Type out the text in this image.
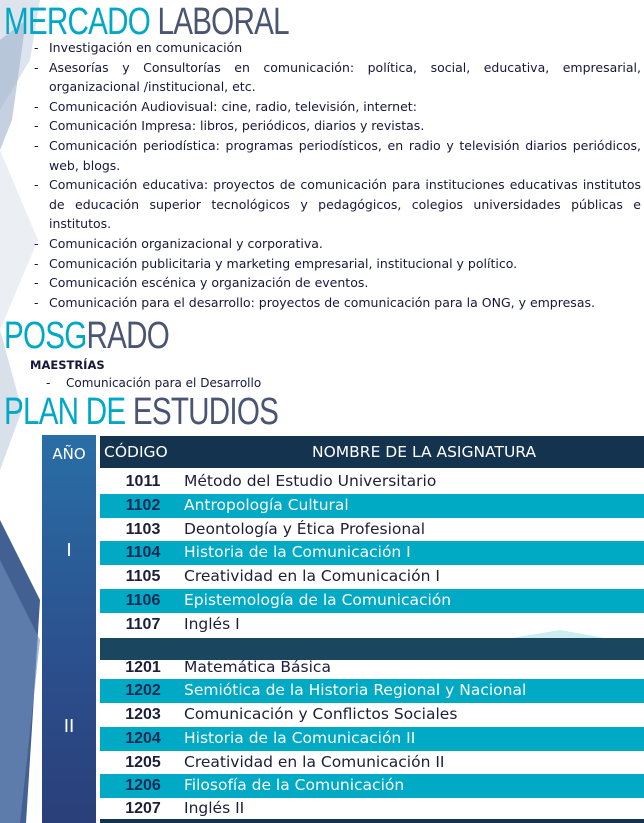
MERCADO LABORAL
- Investigación en comunicación
- Asesorías y Consultorías en comunicación: política, social, educativa, empresarial, organizacional /institucional, etc.
- Comunicación Audiovisual: cine, radio, televisión, internet:
- Comunicación Impresa: libros, periódicos, diarios y revistas.
- Comunicación periodística: programas periodísticos, en radio y televisión diarios periódicos, web, blogs.
- Comunicación educativa: proyectos de comunicación para instituciones educativas institutos de educación superior tecnológicos y pedagógicos, colegios universidades públicas e institutos.
- Comunicación organizacional y corporativa.
- Comunicación publicitaria y marketing empresarial, institucional y político.
- Comunicación escénica y organización de eventos.
- Comunicación para el desarrollo: proyectos de comunicación para la ONG, y empresas.
POSGRADO
MAESTRÍAS
- Comunicación para el Desarrollo
PLAN DE ESTUDIOS
AÑO	CÓDIGO	NOMBRE DE LA ASIGNATURA
I
1011	Método del Estudio Universitario
1102	Antropología Cultural
1103	Deontología y Ética Profesional
1104	Historia de la Comunicación I
1105	Creatividad en la Comunicación I
1106	Epistemología de la Comunicación
1107	Inglés I
II
1201	Matemática Básica
1202	Semiótica de la Historia Regional y Nacional
1203	Comunicación y Conflictos Sociales
1204	Historia de la Comunicación II
1205	Creatividad en la Comunicación II
1206	Filosofía de la Comunicación
1207	Inglés II
